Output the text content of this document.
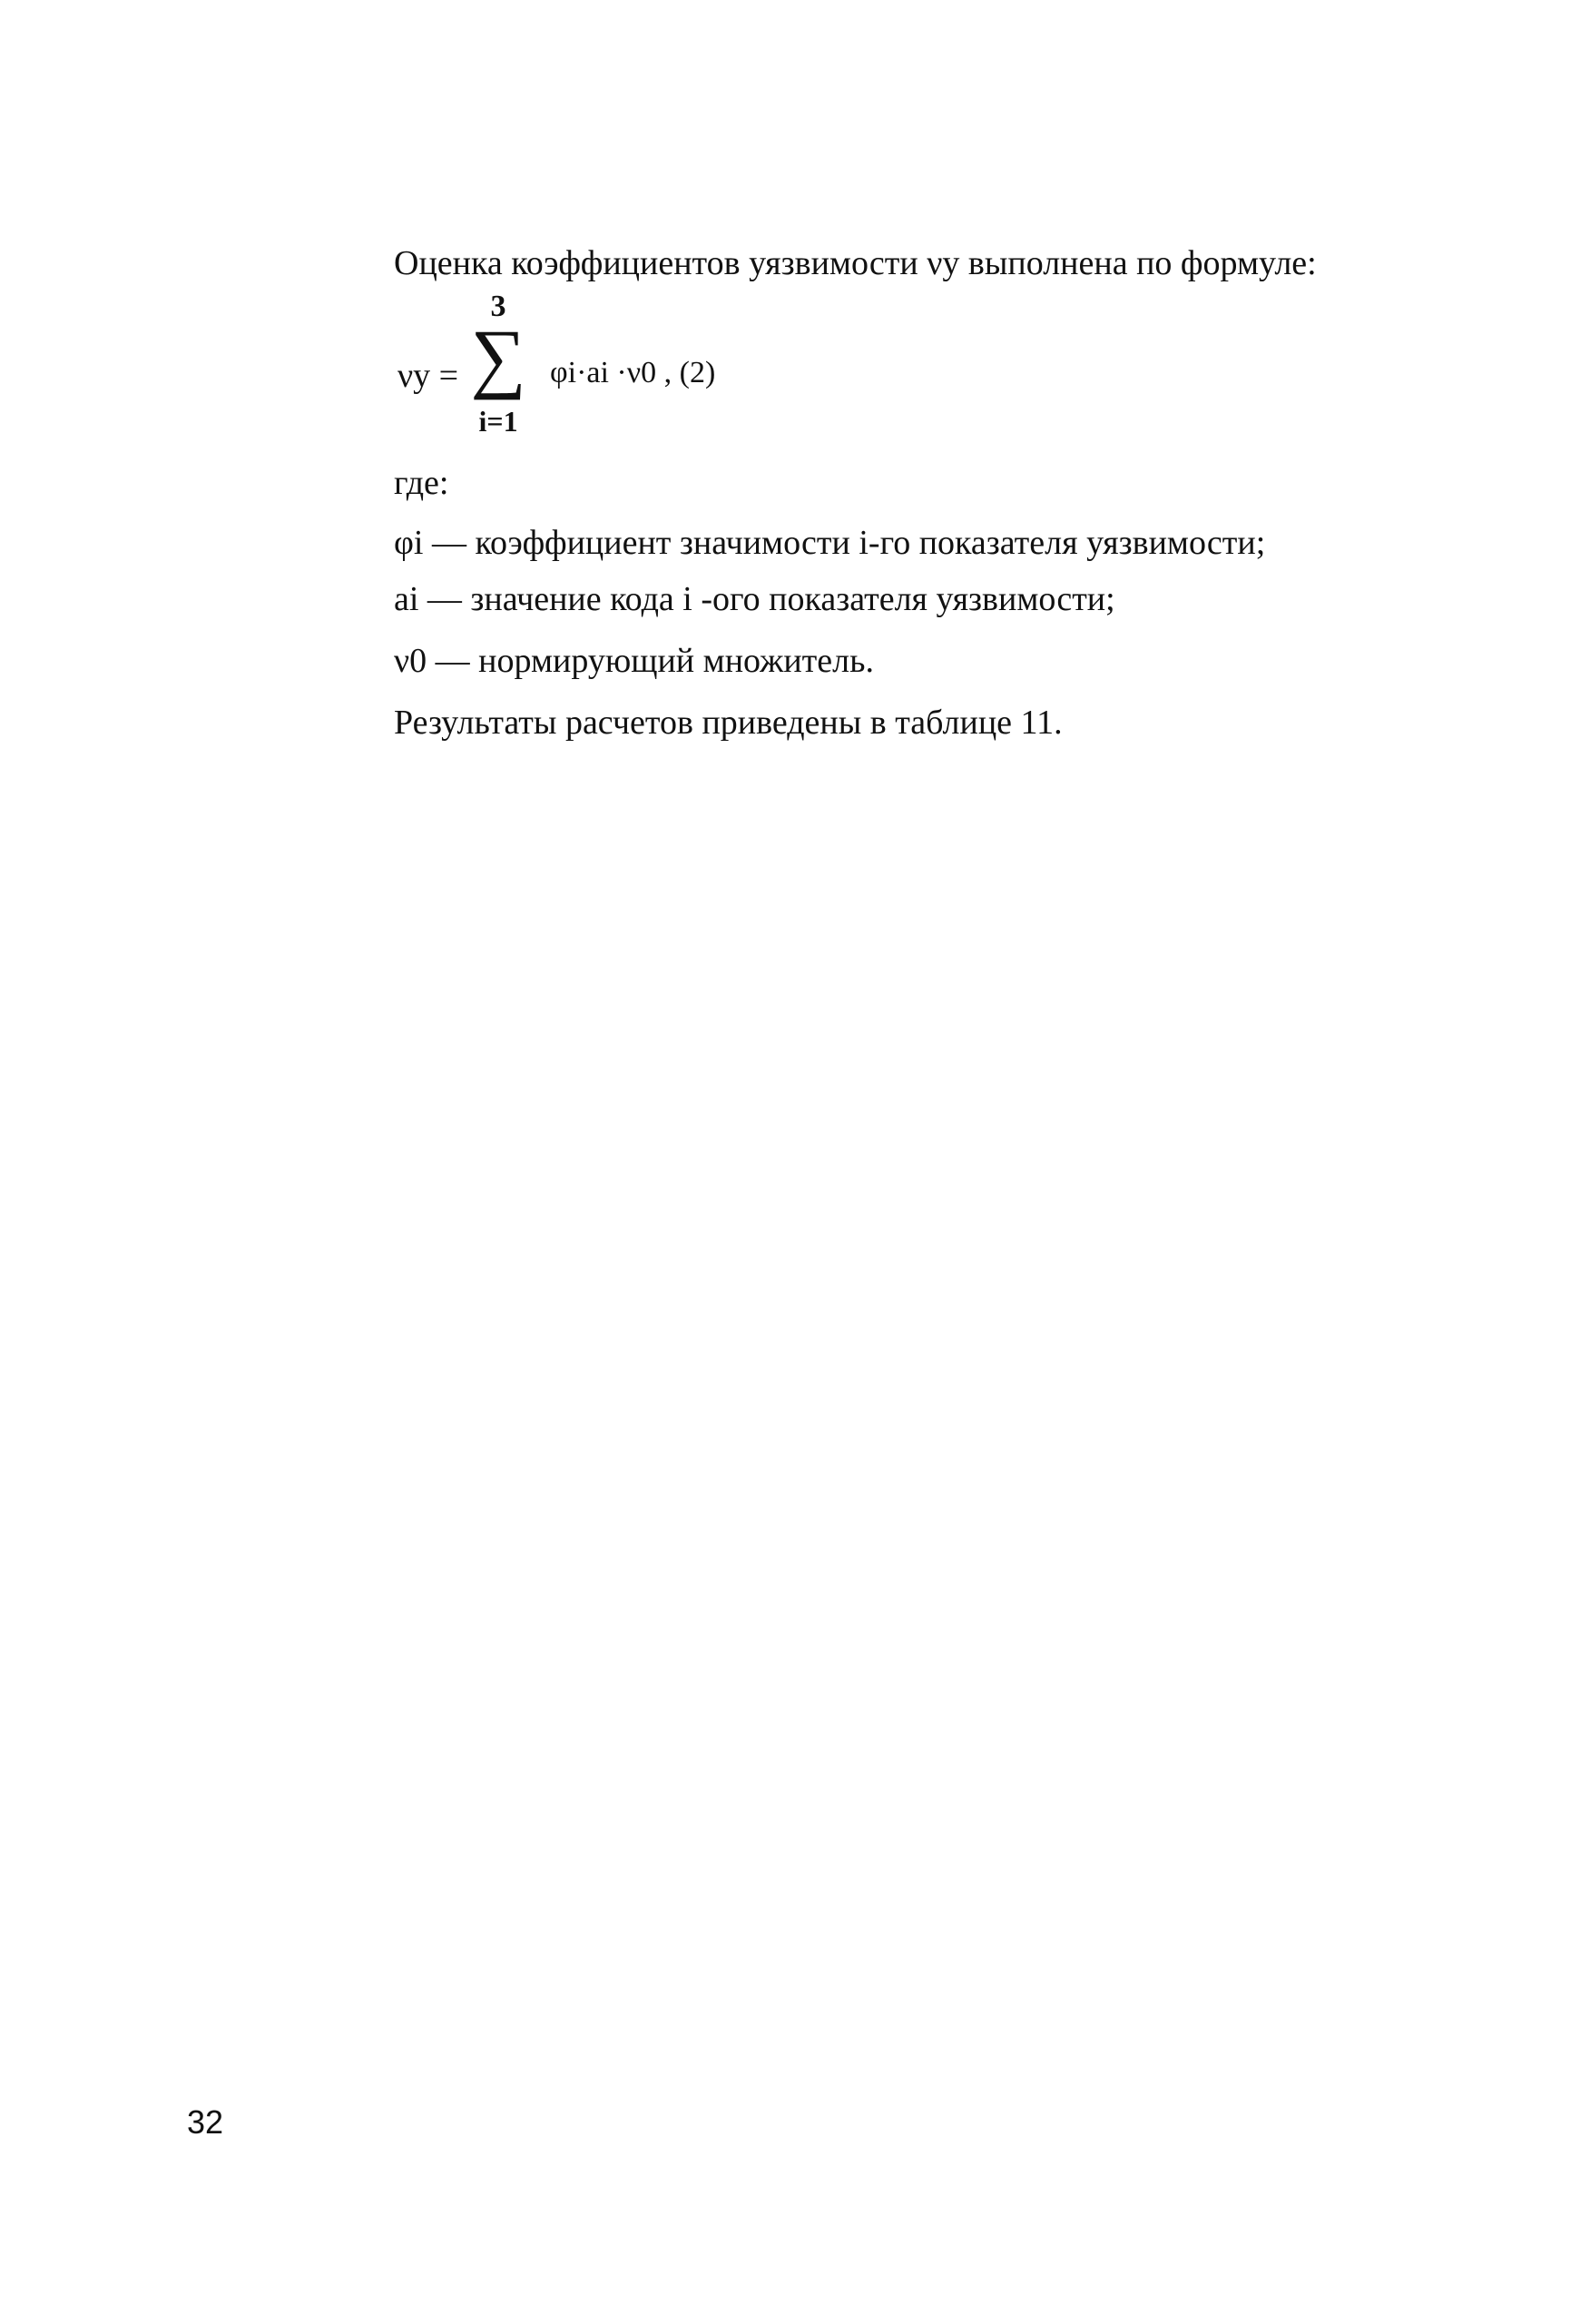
Оценка коэффициентов уязвимости νу выполнена по формуле:
νу =
3
∑
i=1
φi·ai ·ν0 , (2)
где:
φi — коэффициент значимости i-го показателя уязвимости;
ai — значение кода i -ого показателя уязвимости;
ν0 — нормирующий множитель.
Результаты расчетов приведены в таблице 11.
32
